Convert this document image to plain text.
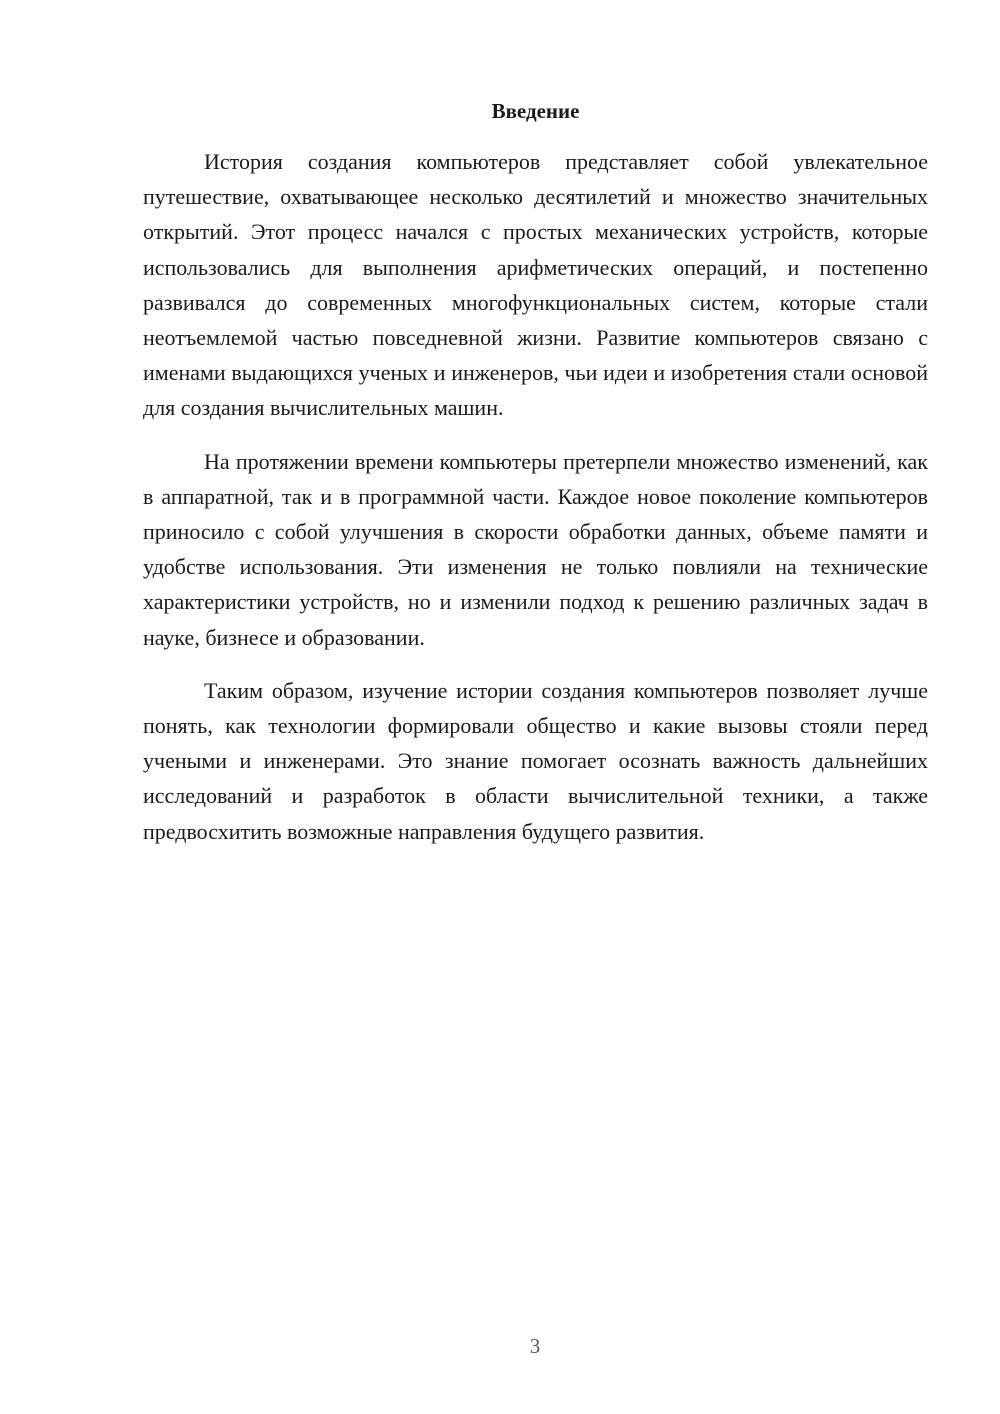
Введение

История создания компьютеров представляет собой увлекательное путешествие, охватывающее несколько десятилетий и множество значительных открытий. Этот процесс начался с простых механических устройств, которые использовались для выполнения арифметических операций, и постепенно развивался до современных многофункциональных систем, которые стали неотъемлемой частью повседневной жизни. Развитие компьютеров связано с именами выдающихся ученых и инженеров, чьи идеи и изобретения стали основой для создания вычислительных машин.

На протяжении времени компьютеры претерпели множество изменений, как в аппаратной, так и в программной части. Каждое новое поколение компьютеров приносило с собой улучшения в скорости обработки данных, объеме памяти и удобстве использования. Эти изменения не только повлияли на технические характеристики устройств, но и изменили подход к решению различных задач в науке, бизнесе и образовании.

Таким образом, изучение истории создания компьютеров позволяет лучше понять, как технологии формировали общество и какие вызовы стояли перед учеными и инженерами. Это знание помогает осознать важность дальнейших исследований и разработок в области вычислительной техники, а также предвосхитить возможные направления будущего развития.

3
